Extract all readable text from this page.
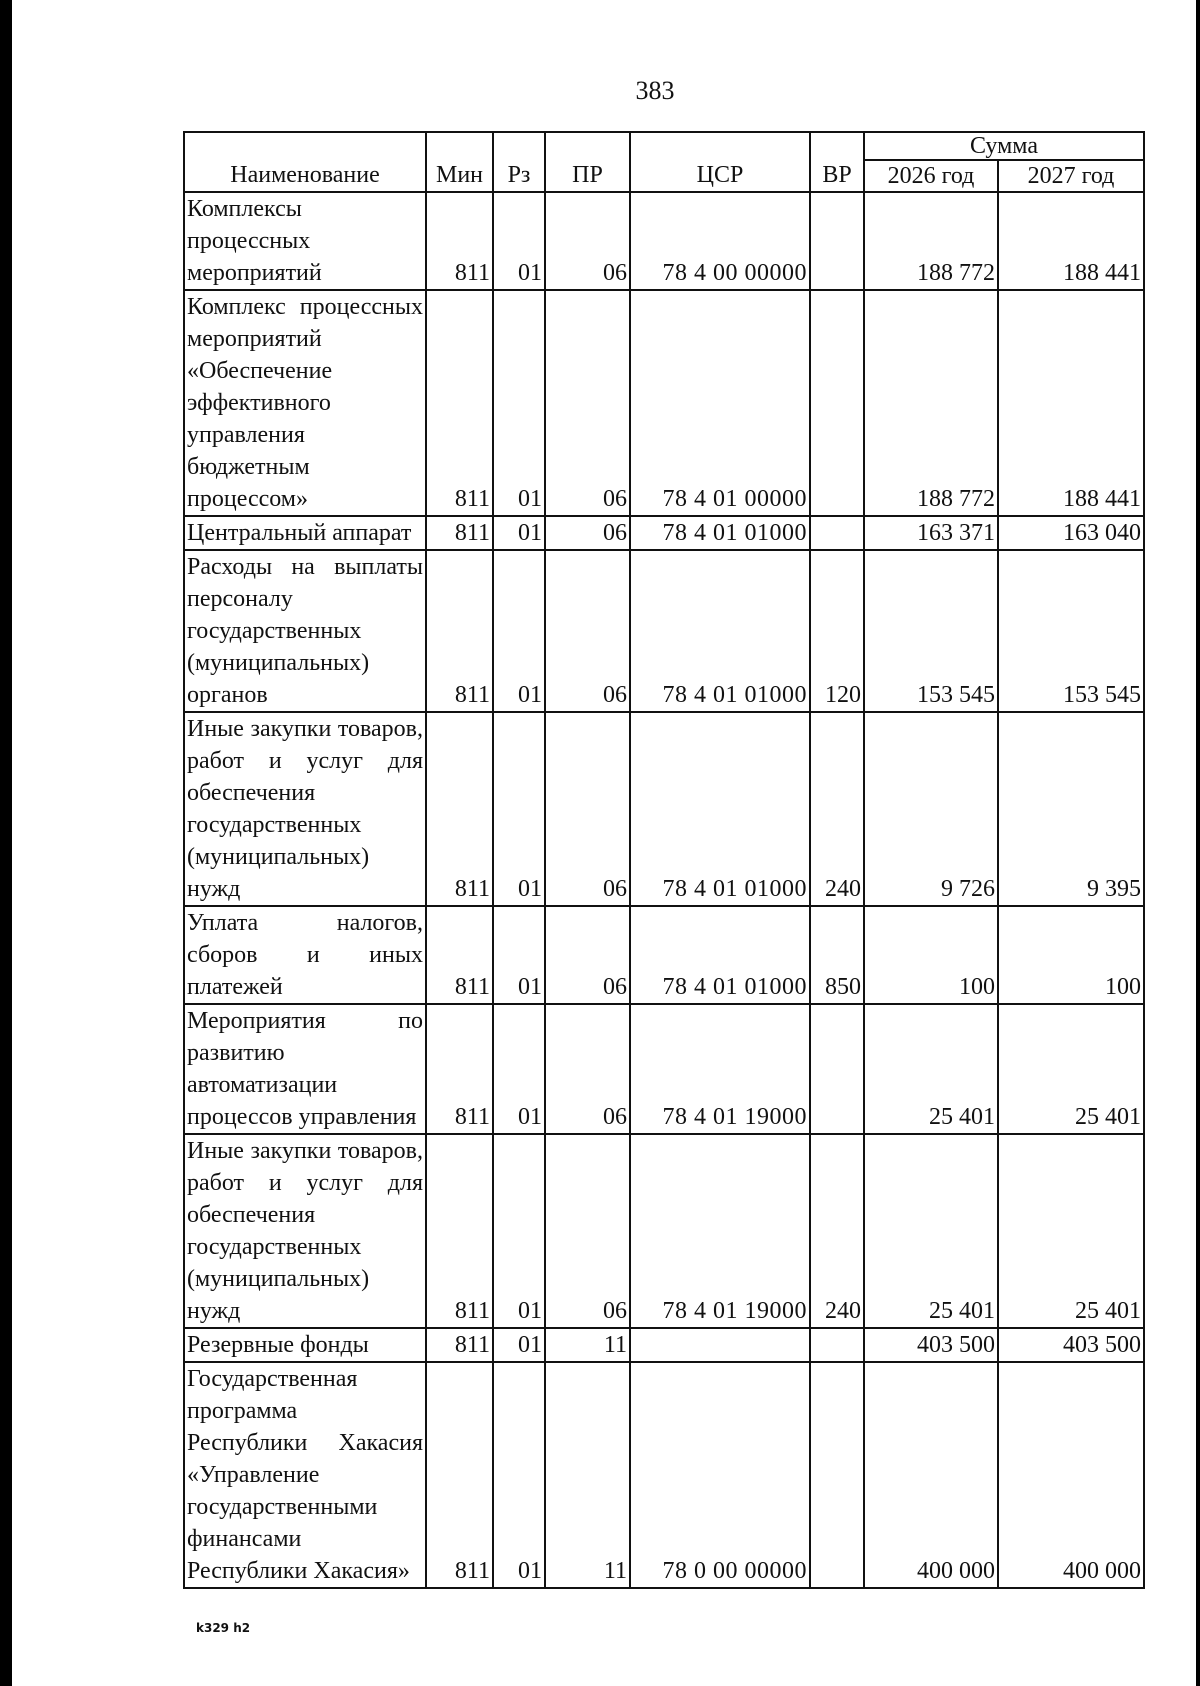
383
Наименование	Мин	Рз	ПР	ЦСР	ВР	Сумма	
						2026 год	2027 год
Комплексы процессных мероприятий	811	01	06	78 4 00 00000		188 772	188 441
Комплекс процессных мероприятий «Обеспечение эффективного управления бюджетным процессом»	811	01	06	78 4 01 00000		188 772	188 441
Центральный аппарат	811	01	06	78 4 01 01000		163 371	163 040
Расходы на выплаты персоналу государственных (муниципальных) органов	811	01	06	78 4 01 01000	120	153 545	153 545
Иные закупки товаров, работ и услуг для обеспечения государственных (муниципальных) нужд	811	01	06	78 4 01 01000	240	9 726	9 395
Уплата налогов, сборов и иных платежей	811	01	06	78 4 01 01000	850	100	100
Мероприятия по развитию автоматизации процессов управления	811	01	06	78 4 01 19000		25 401	25 401
Иные закупки товаров, работ и услуг для обеспечения государственных (муниципальных) нужд	811	01	06	78 4 01 19000	240	25 401	25 401
Резервные фонды	811	01	11			403 500	403 500
Государственная программа Республики Хакасия «Управление государственными финансами Республики Хакасия»	811	01	11	78 0 00 00000		400 000	400 000
k329 h2
